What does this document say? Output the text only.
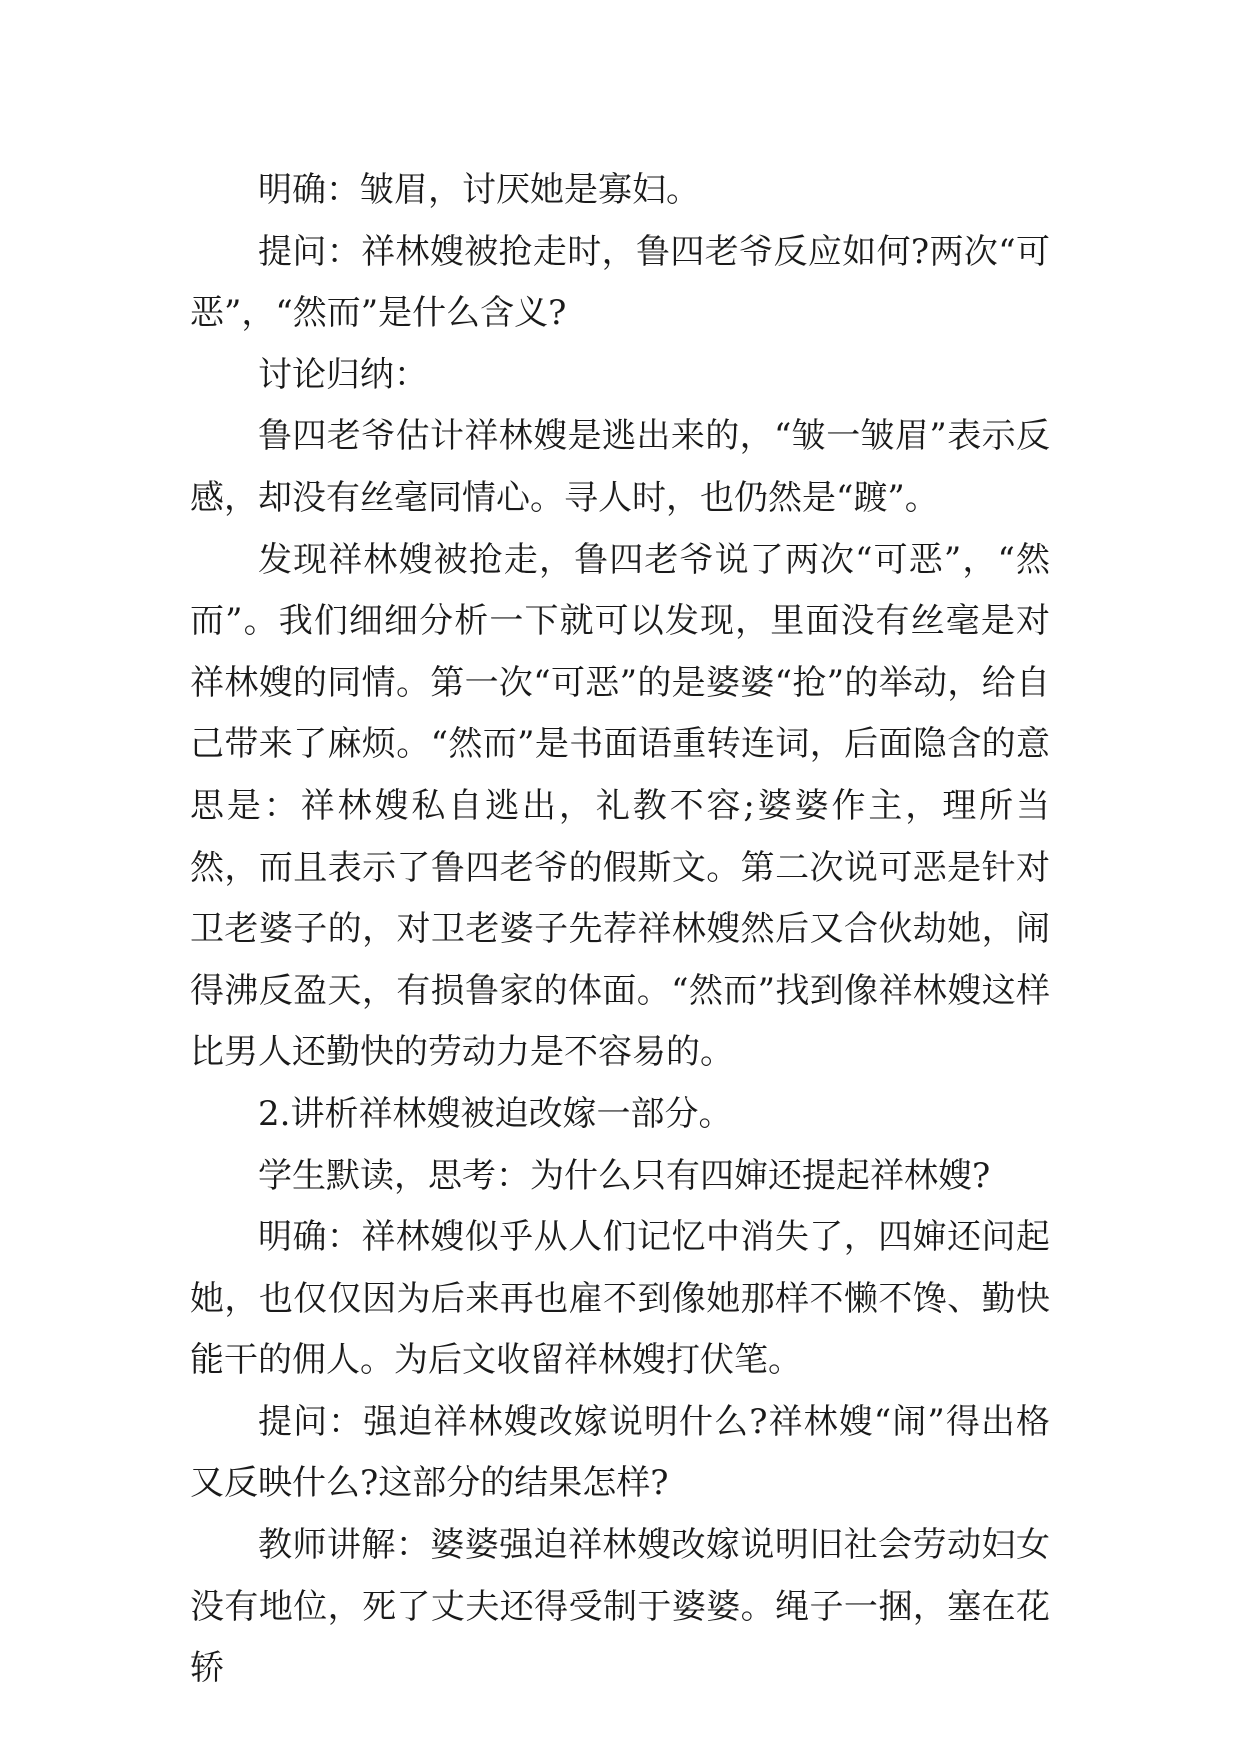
明确：皱眉，讨厌她是寡妇。

提问：祥林嫂被抢走时，鲁四老爷反应如何?两次“可恶”，“然而”是什么含义?

讨论归纳：

鲁四老爷估计祥林嫂是逃出来的，“皱一皱眉”表示反感，却没有丝毫同情心。寻人时，也仍然是“踱”。

发现祥林嫂被抢走，鲁四老爷说了两次“可恶”，“然而”。我们细细分析一下就可以发现，里面没有丝毫是对祥林嫂的同情。第一次“可恶”的是婆婆“抢”的举动，给自己带来了麻烦。“然而”是书面语重转连词，后面隐含的意思是：祥林嫂私自逃出，礼教不容;婆婆作主，理所当然，而且表示了鲁四老爷的假斯文。第二次说可恶是针对卫老婆子的，对卫老婆子先荐祥林嫂然后又合伙劫她，闹得沸反盈天，有损鲁家的体面。“然而”找到像祥林嫂这样比男人还勤快的劳动力是不容易的。

2.讲析祥林嫂被迫改嫁一部分。

学生默读，思考：为什么只有四婶还提起祥林嫂?

明确：祥林嫂似乎从人们记忆中消失了，四婶还问起她，也仅仅因为后来再也雇不到像她那样不懒不馋、勤快能干的佣人。为后文收留祥林嫂打伏笔。

提问：强迫祥林嫂改嫁说明什么?祥林嫂“闹”得出格又反映什么?这部分的结果怎样?

教师讲解：婆婆强迫祥林嫂改嫁说明旧社会劳动妇女没有地位，死了丈夫还得受制于婆婆。绳子一捆，塞在花轿
